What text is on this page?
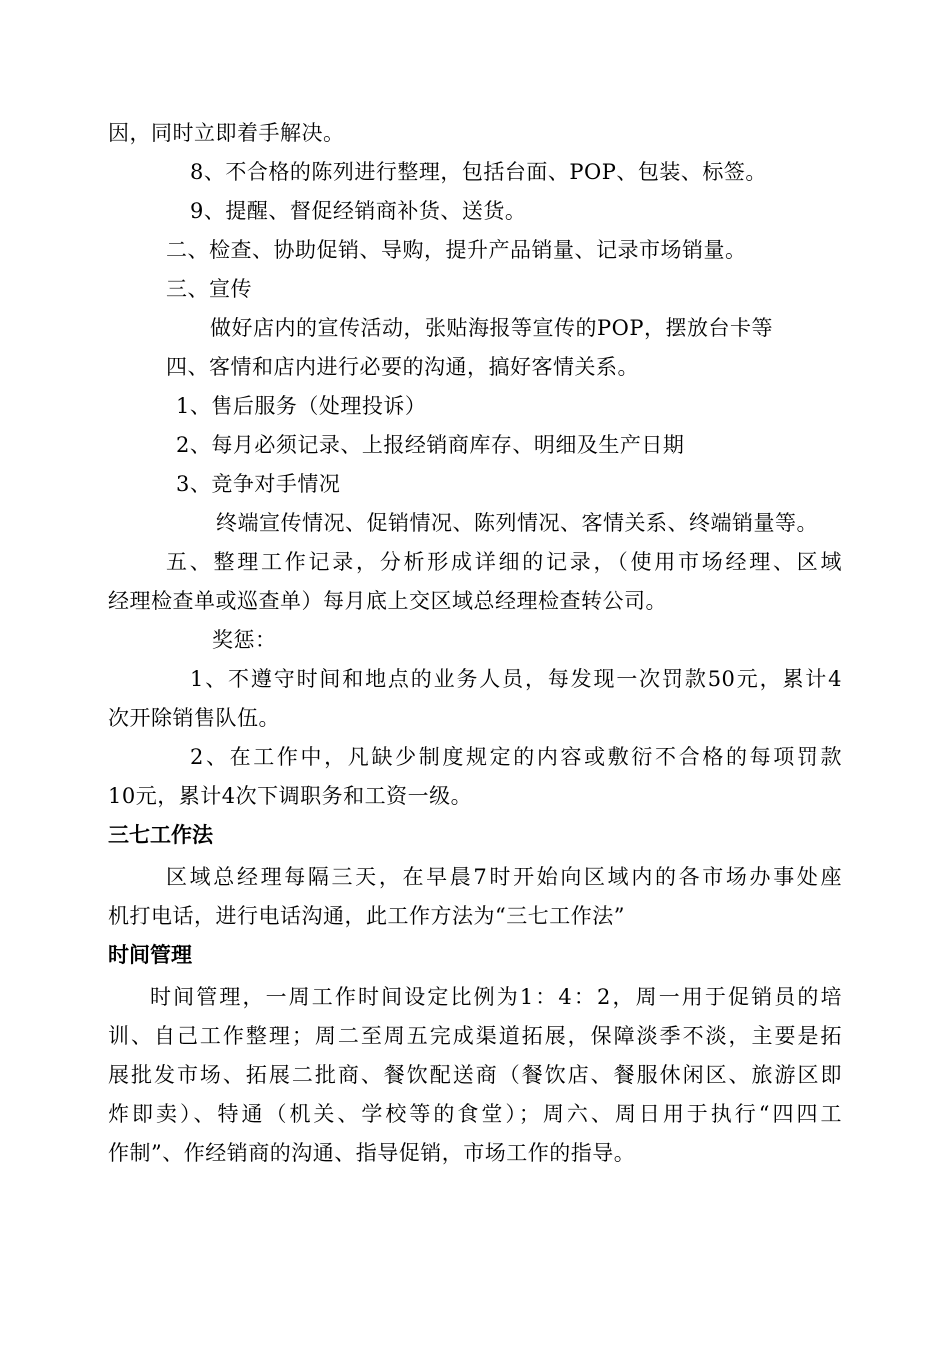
因，同时立即着手解决。
8、不合格的陈列进行整理，包括台面、POP、包装、标签。
9、提醒、督促经销商补货、送货。
二、检查、协助促销、导购，提升产品销量、记录市场销量。
三、宣传
做好店内的宣传活动，张贴海报等宣传的POP，摆放台卡等
四、客情和店内进行必要的沟通，搞好客情关系。
1、售后服务（处理投诉）
2、每月必须记录、上报经销商库存、明细及生产日期
3、竞争对手情况
终端宣传情况、促销情况、陈列情况、客情关系、终端销量等。
五、整理工作记录，分析形成详细的记录，（使用市场经理、区域
经理检查单或巡查单）每月底上交区域总经理检查转公司。
奖惩：
1、不遵守时间和地点的业务人员，每发现一次罚款50元，累计4
次开除销售队伍。
2、在工作中，凡缺少制度规定的内容或敷衍不合格的每项罚款
10元，累计4次下调职务和工资一级。
三七工作法
区域总经理每隔三天，在早晨7时开始向区域内的各市场办事处座
机打电话，进行电话沟通，此工作方法为“三七工作法”
时间管理
时间管理，一周工作时间设定比例为1：4：2，周一用于促销员的培
训、自己工作整理；周二至周五完成渠道拓展，保障淡季不淡，主要是拓
展批发市场、拓展二批商、餐饮配送商（餐饮店、餐服休闲区、旅游区即
炸即卖）、特通（机关、学校等的食堂）；周六、周日用于执行“四四工
作制”、作经销商的沟通、指导促销，市场工作的指导。
